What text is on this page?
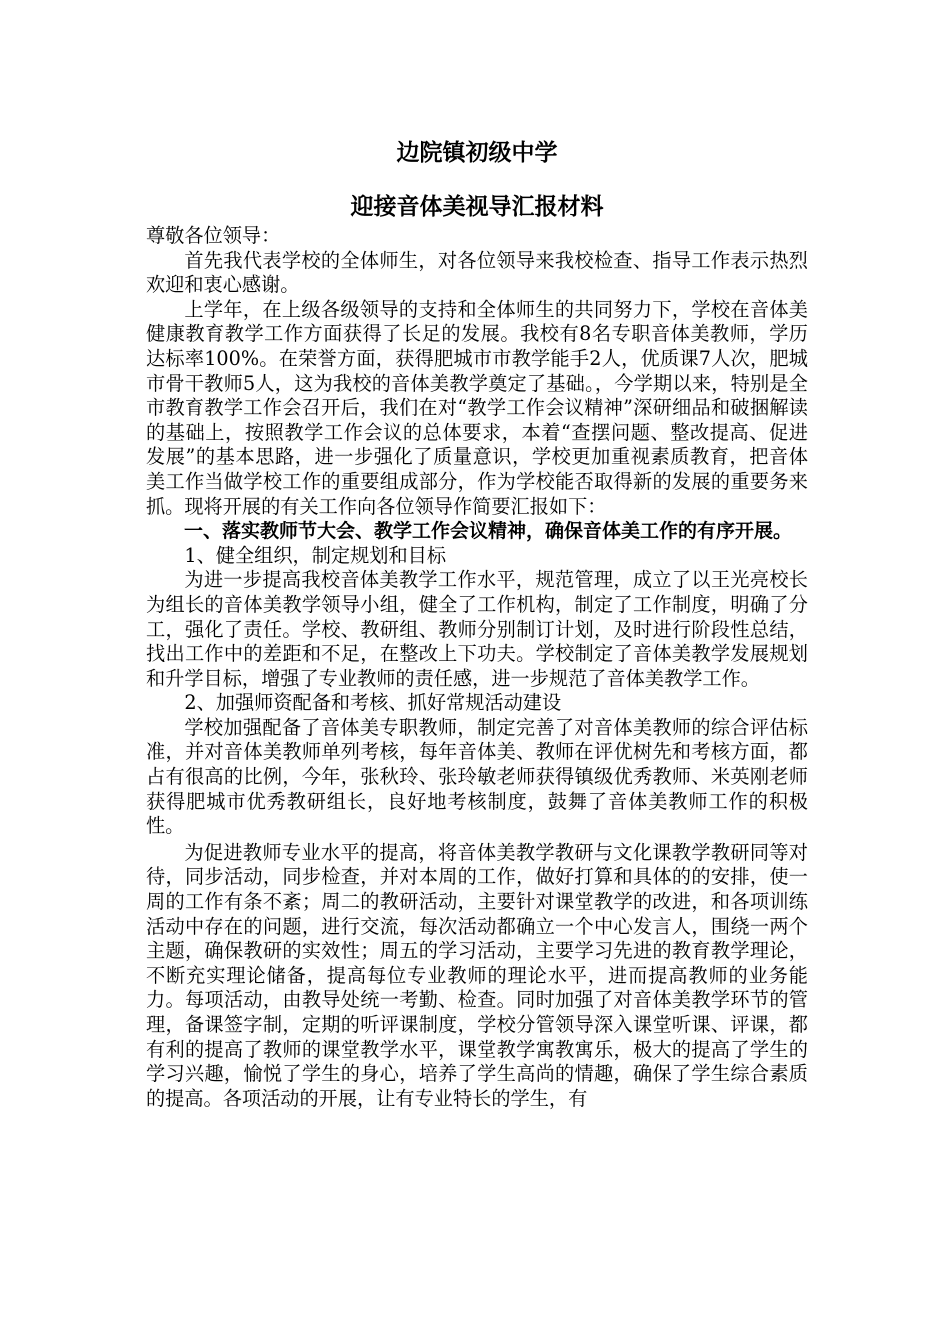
边院镇初级中学

迎接音体美视导汇报材料

尊敬各位领导：

首先我代表学校的全体师生，对各位领导来我校检查、指导工作表示热烈欢迎和衷心感谢。

上学年，在上级各级领导的支持和全体师生的共同努力下，学校在音体美健康教育教学工作方面获得了长足的发展。我校有8名专职音体美教师，学历达标率100%。在荣誉方面，获得肥城市市教学能手2人，优质课7人次，肥城市骨干教师5人，这为我校的音体美教学奠定了基础。，今学期以来，特别是全市教育教学工作会召开后，我们在对“教学工作会议精神”深研细品和破捆解读的基础上，按照教学工作会议的总体要求，本着“查摆问题、整改提高、促进发展”的基本思路，进一步强化了质量意识，学校更加重视素质教育，把音体美工作当做学校工作的重要组成部分，作为学校能否取得新的发展的重要务来抓。现将开展的有关工作向各位领导作简要汇报如下：

一、落实教师节大会、教学工作会议精神，确保音体美工作的有序开展。

1、健全组织，制定规划和目标

为进一步提高我校音体美教学工作水平，规范管理，成立了以王光亮校长为组长的音体美教学领导小组，健全了工作机构，制定了工作制度，明确了分工，强化了责任。学校、教研组、教师分别制订计划，及时进行阶段性总结，找出工作中的差距和不足，在整改上下功夫。学校制定了音体美教学发展规划和升学目标，增强了专业教师的责任感，进一步规范了音体美教学工作。

2、加强师资配备和考核、抓好常规活动建设

学校加强配备了音体美专职教师，制定完善了对音体美教师的综合评估标准，并对音体美教师单列考核，每年音体美、教师在评优树先和考核方面，都占有很高的比例，今年，张秋玲、张玲敏老师获得镇级优秀教师、米英刚老师获得肥城市优秀教研组长，良好地考核制度，鼓舞了音体美教师工作的积极性。

为促进教师专业水平的提高，将音体美教学教研与文化课教学教研同等对待，同步活动，同步检查，并对本周的工作，做好打算和具体的的安排，使一周的工作有条不紊；周二的教研活动，主要针对课堂教学的改进，和各项训练活动中存在的问题，进行交流，每次活动都确立一个中心发言人，围绕一两个主题，确保教研的实效性；周五的学习活动，主要学习先进的教育教学理论，不断充实理论储备，提高每位专业教师的理论水平，进而提高教师的业务能力。每项活动，由教导处统一考勤、检查。同时加强了对音体美教学环节的管理，备课签字制，定期的听评课制度，学校分管领导深入课堂听课、评课，都有利的提高了教师的课堂教学水平，课堂教学寓教寓乐，极大的提高了学生的学习兴趣，愉悦了学生的身心，培养了学生高尚的情趣，确保了学生综合素质的提高。各项活动的开展，让有专业特长的学生，有
